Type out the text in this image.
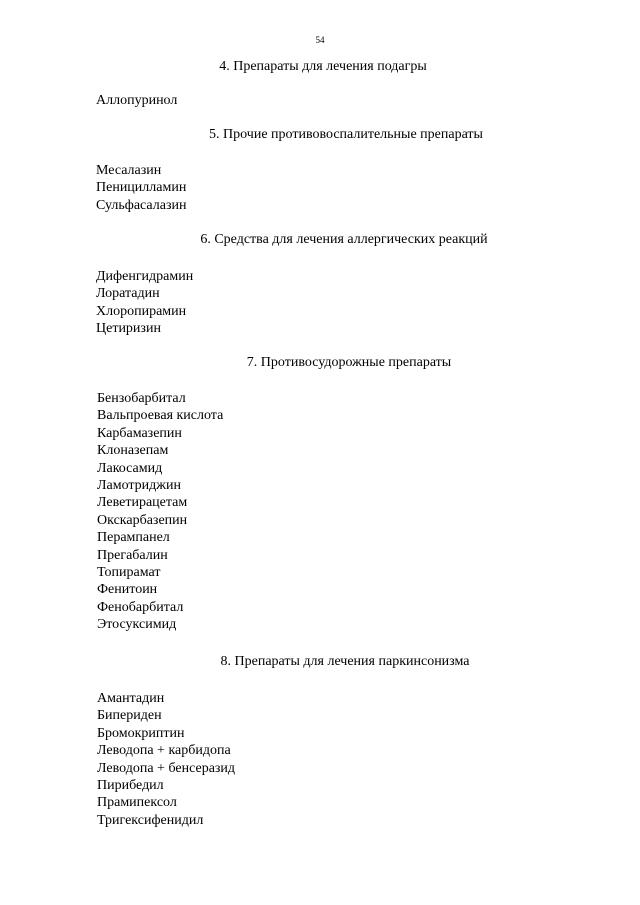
54
4. Препараты для лечения подагры
Аллопуринол
5. Прочие противовоспалительные препараты
Месалазин
Пеницилламин
Сульфасалазин
6. Средства для лечения аллергических реакций
Дифенгидрамин
Лоратадин
Хлоропирамин
Цетиризин
7. Противосудорожные препараты
Бензобарбитал
Вальпроевая кислота
Карбамазепин
Клоназепам
Лакосамид
Ламотриджин
Леветирацетам
Окскарбазепин
Перампанел
Прегабалин
Топирамат
Фенитоин
Фенобарбитал
Этосуксимид
8. Препараты для лечения паркинсонизма
Амантадин
Бипериден
Бромокриптин
Леводопа + карбидопа
Леводопа + бенсеразид
Пирибедил
Прамипексол
Тригексифенидил
